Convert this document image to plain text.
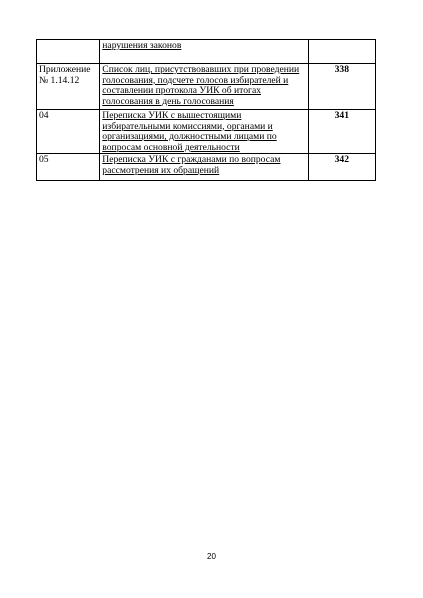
	нарушения законов	
Приложение № 1.14.12	Список лиц, присутствовавших при проведении голосования, подсчете голосов избирателей и составлении протокола УИК об итогах голосования в день голосования	338
04	Переписка УИК с вышестоящими избирательными комиссиями, органами и организациями, должностными лицами по вопросам основной деятельности	341
05	Переписка УИК с гражданами по вопросам рассмотрения их обращений	342
20
